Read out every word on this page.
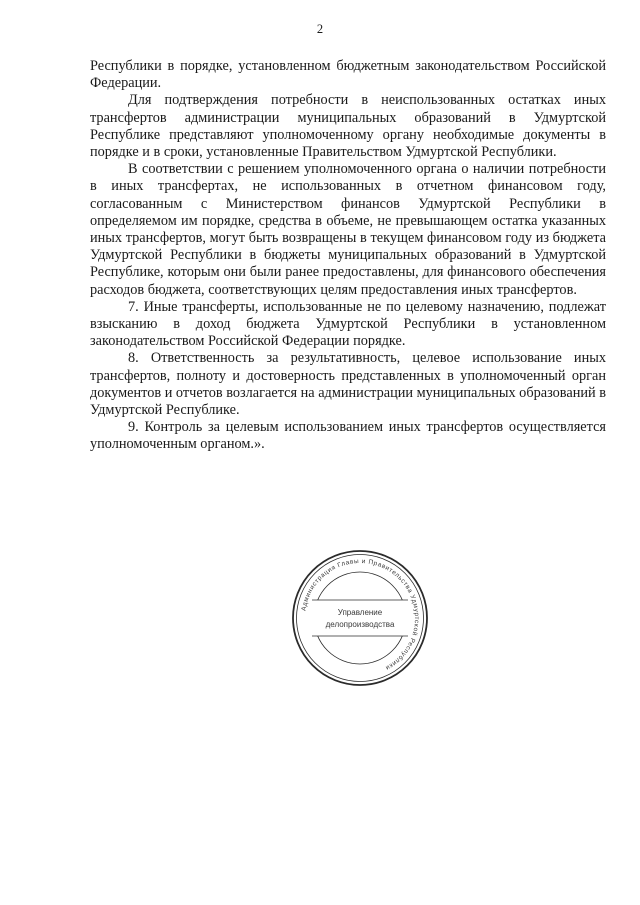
2

Республики в порядке, установленном бюджетным законодательством Российской Федерации.

Для подтверждения потребности в неиспользованных остатках иных трансфертов администрации муниципальных образований в Удмуртской Республике представляют уполномоченному органу необходимые документы в порядке и в сроки, установленные Правительством Удмуртской Республики.

В соответствии с решением уполномоченного органа о наличии потребности в иных трансфертах, не использованных в отчетном финансовом году, согласованным с Министерством финансов Удмуртской Республики в определяемом им порядке, средства в объеме, не превышающем остатка указанных иных трансфертов, могут быть возвращены в текущем финансовом году из бюджета Удмуртской Республики в бюджеты муниципальных образований в Удмуртской Республике, которым они были ранее предоставлены, для финансового обеспечения расходов бюджета, соответствующих целям предоставления иных трансфертов.

7. Иные трансферты, использованные не по целевому назначению, подлежат взысканию в доход бюджета Удмуртской Республики в установленном законодательством Российской Федерации порядке.

8. Ответственность за результативность, целевое использование иных трансфертов, полноту и достоверность представленных в уполномоченный орган документов и отчетов возлагается на администрации муниципальных образований в Удмуртской Республике.

9. Контроль за целевым использованием иных трансфертов осуществляется уполномоченным органом.».

Администрация Главы и Правительства Удмуртской Республики
Управление
делопроизводства
